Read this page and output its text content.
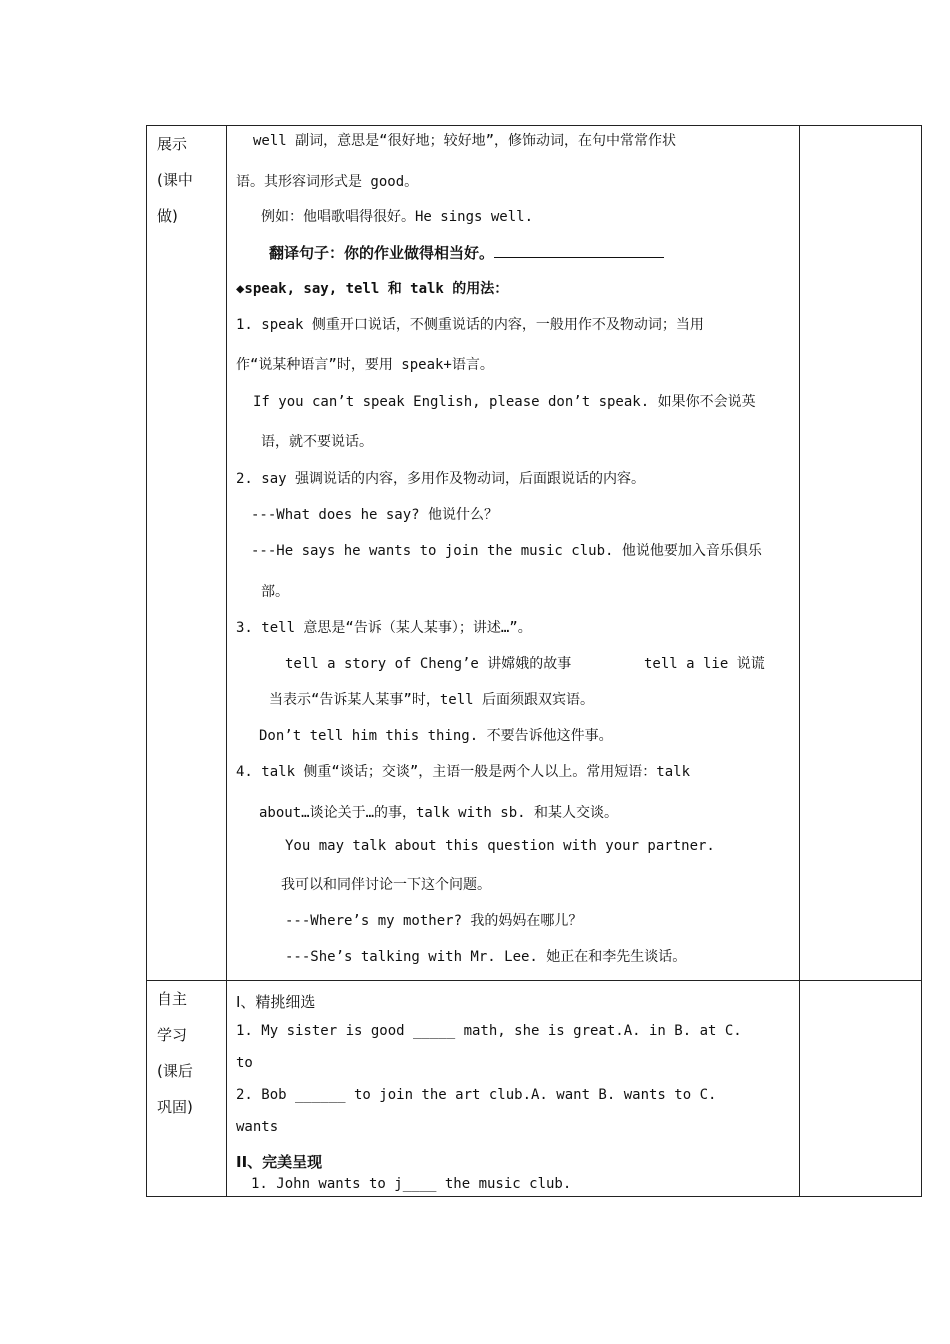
展示
(课中
做)
well 副词，意思是“很好地；较好地”，修饰动词，在句中常常作状
语。其形容词形式是 good。
例如：他唱歌唱得很好。He sings well.
翻译句子：你的作业做得相当好。
◆speak, say, tell 和 talk 的用法：
1. speak 侧重开口说话，不侧重说话的内容，一般用作不及物动词；当用
作“说某种语言”时，要用 speak+语言。
If you can’t speak English, please don’t speak. 如果你不会说英
语，就不要说话。
2. say 强调说话的内容，多用作及物动词，后面跟说话的内容。
---What does he say? 他说什么？
---He says he wants to join the music club. 他说他要加入音乐俱乐
部。
3. tell 意思是“告诉（某人某事）；讲述…”。
tell a story of Cheng’e 讲嫦娥的故事	tell a lie 说谎
当表示“告诉某人某事”时，tell 后面须跟双宾语。
Don’t tell him this thing. 不要告诉他这件事。
4. talk 侧重“谈话；交谈”，主语一般是两个人以上。常用短语：talk
about…谈论关于…的事，talk with sb. 和某人交谈。
You may talk about this question with your partner.
我可以和同伴讨论一下这个问题。
---Where’s my mother? 我的妈妈在哪儿？
---She’s talking with Mr. Lee. 她正在和李先生谈话。
自主
学习
(课后
巩固)
I、精挑细选
1. My sister is good _____ math, she is great.A. in B. at C.
to
2. Bob ______ to join the art club.A. want B. wants to C.
wants
II、完美呈现
1. John wants to j____ the music club.
